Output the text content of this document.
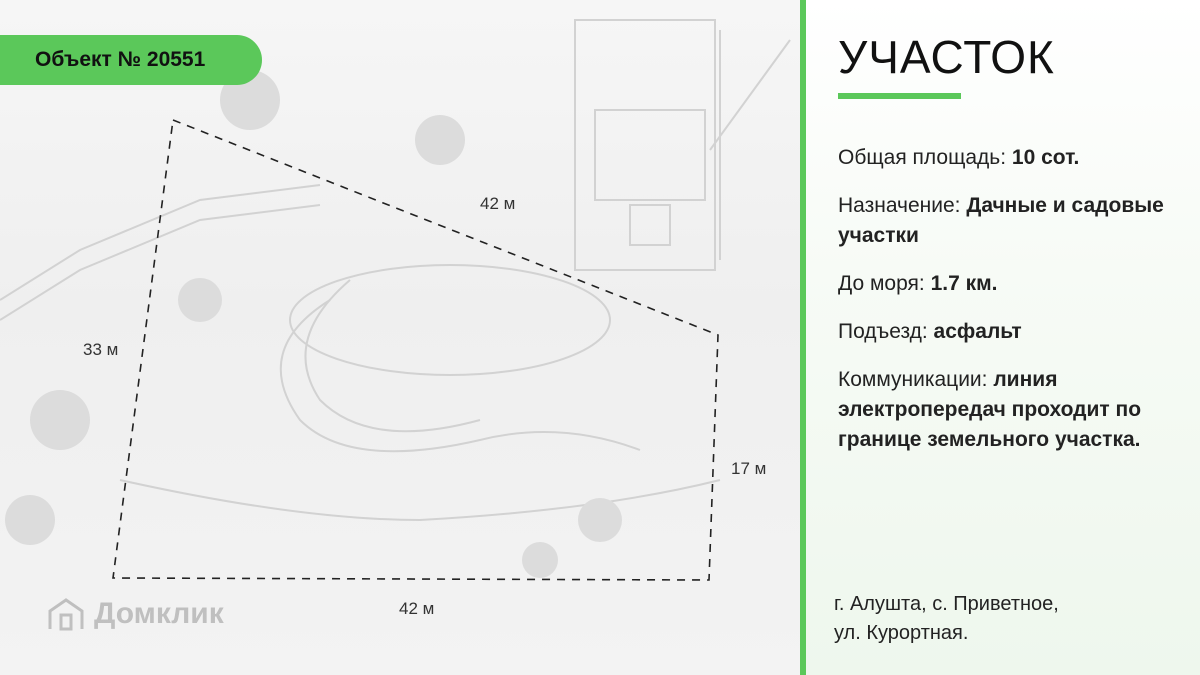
42 м
33 м
17 м
42 м
Домклик
Объект № 20551	УЧАСТОК
Общая площадь: 10 сот.
Назначение: Дачные и садовые участки
До моря: 1.7 км.
Подъезд: асфальт
Коммуникации: линия электропередач проходит по границе земельного участка.
г. Алушта, с. Приветное,
ул. Курортная.
